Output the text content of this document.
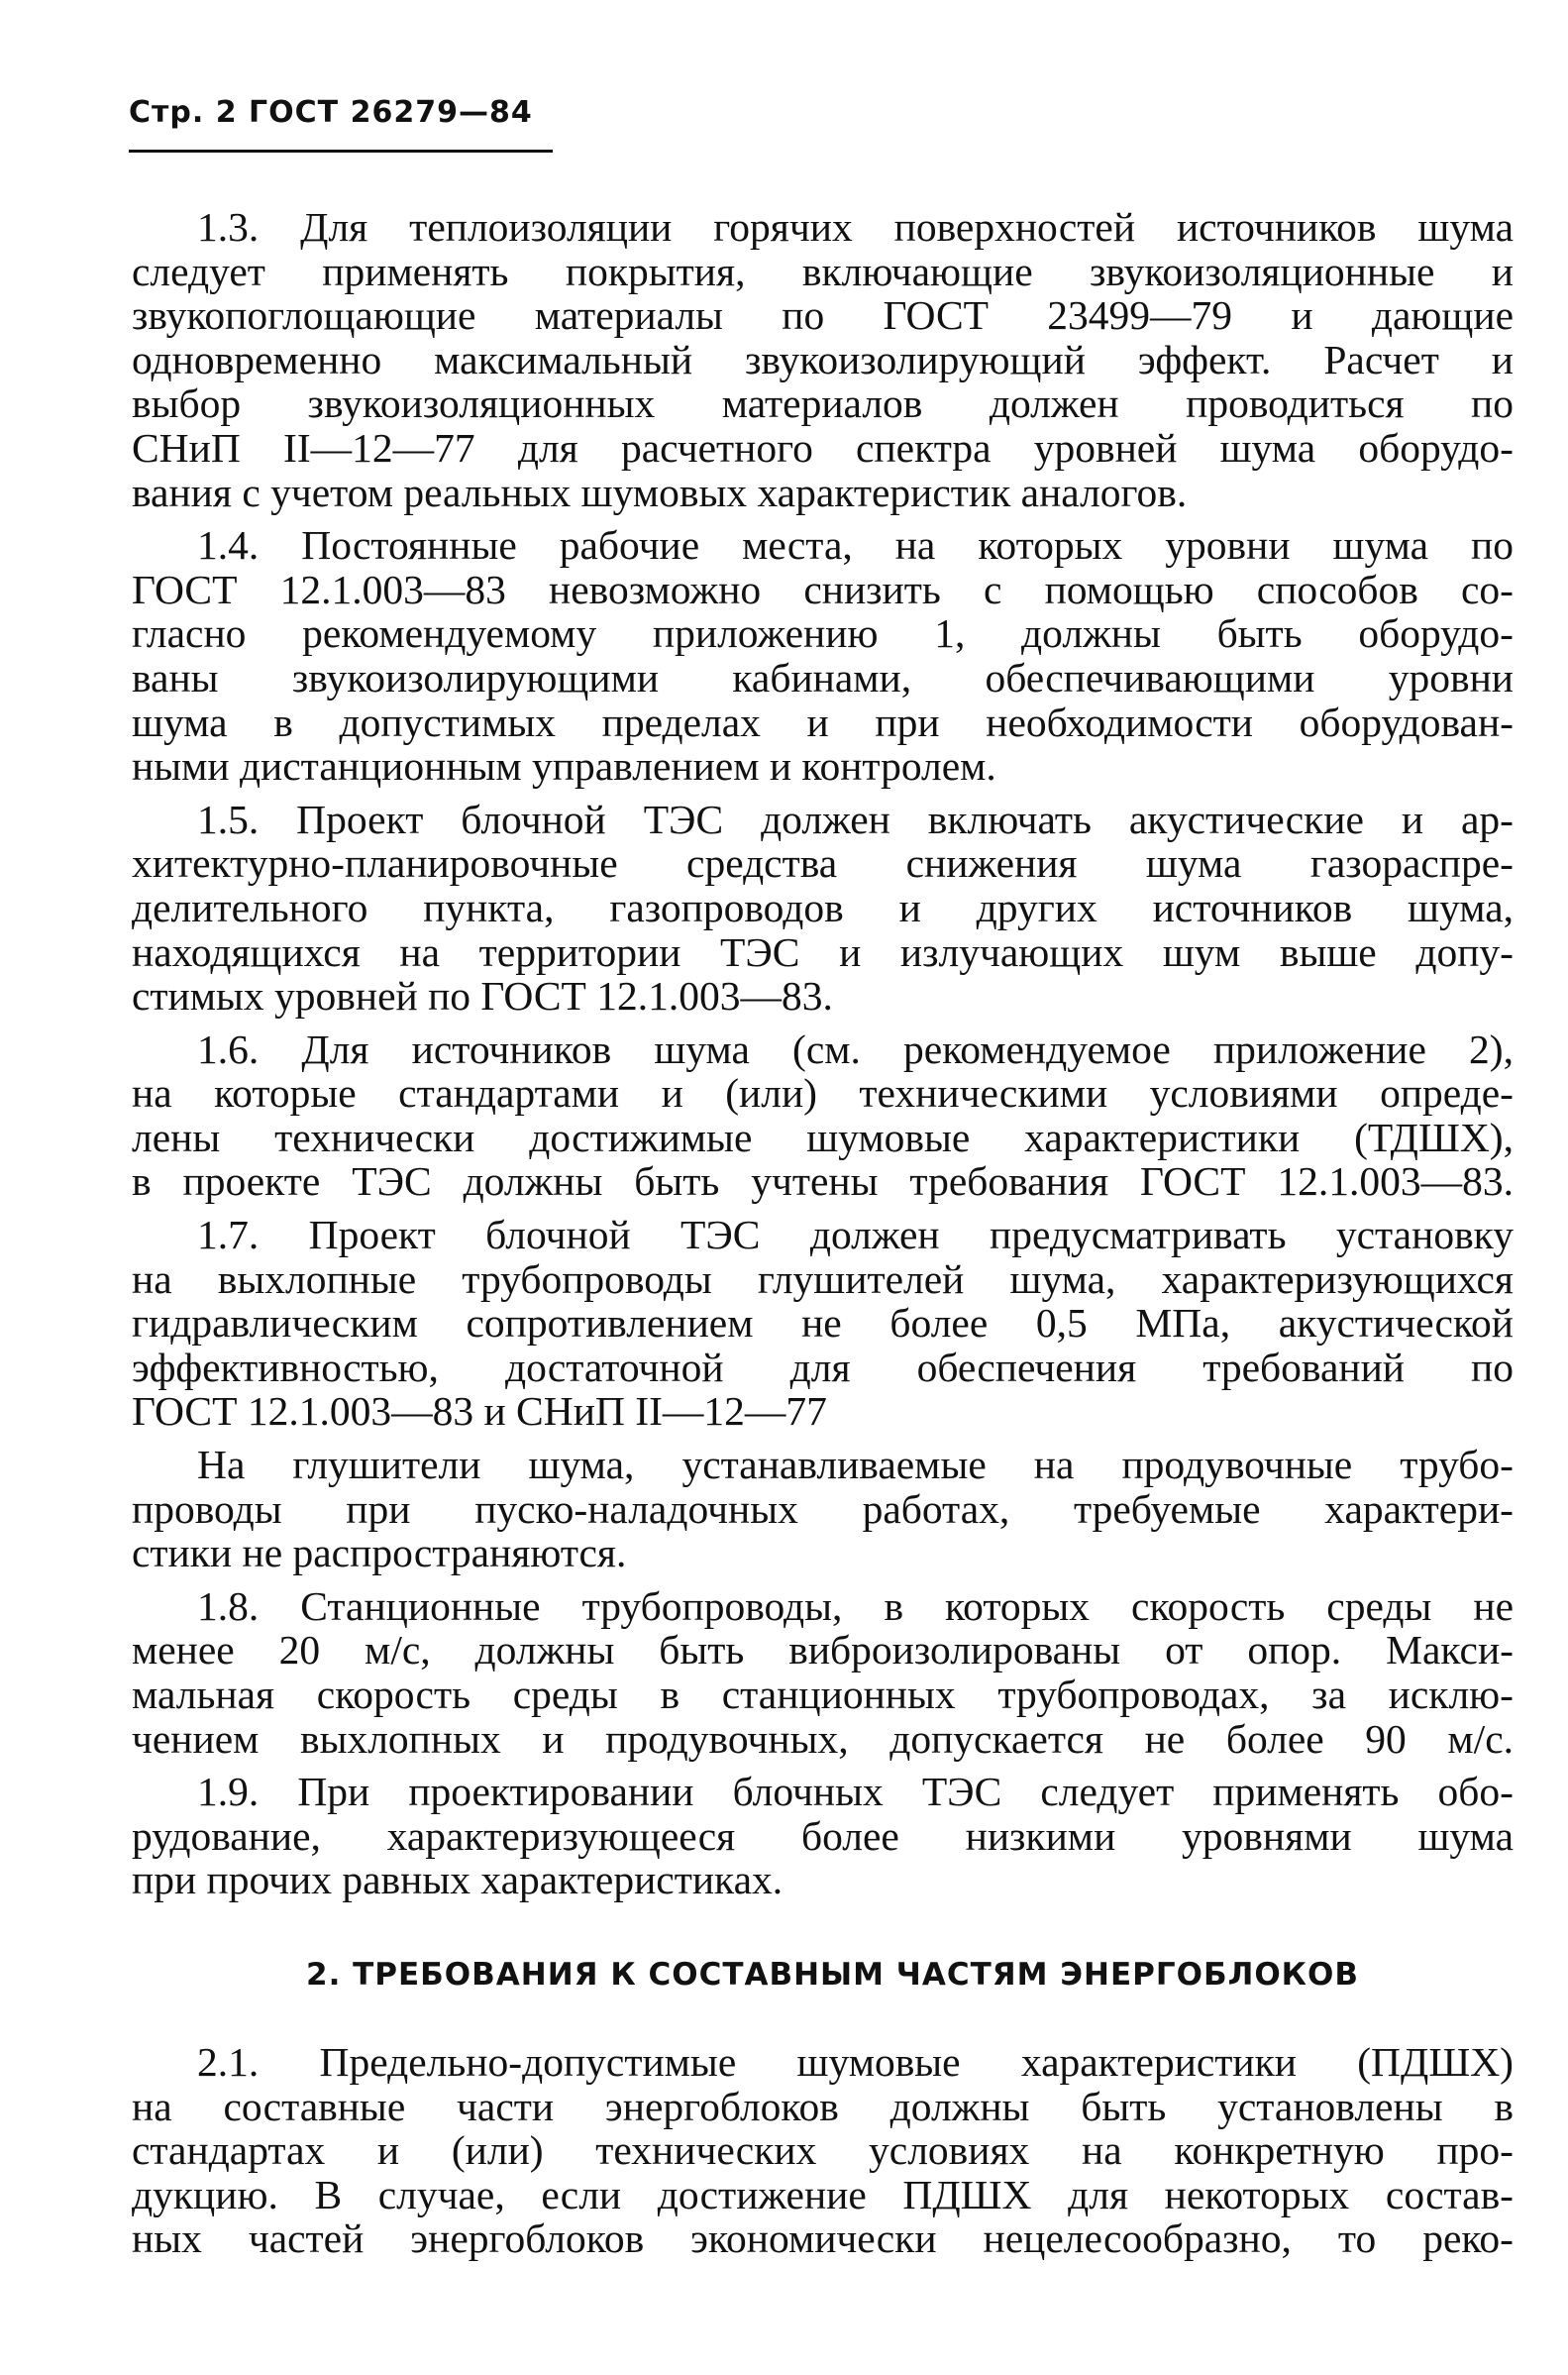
Стр. 2 ГОСТ 26279—84

1.3. Для теплоизоляции горячих поверхностей источников шума
следует применять покрытия, включающие звукоизоляционные и
звукопоглощающие материалы по ГОСТ 23499—79 и дающие
одновременно максимальный звукоизолирующий эффект. Расчет и
выбор звукоизоляционных материалов должен проводиться по
СНиП II—12—77 для расчетного спектра уровней шума оборудо-
вания с учетом реальных шумовых характеристик аналогов.

1.4. Постоянные рабочие места, на которых уровни шума по
ГОСТ 12.1.003—83 невозможно снизить с помощью способов со-
гласно рекомендуемому приложению 1, должны быть оборудо-
ваны звукоизолирующими кабинами, обеспечивающими уровни
шума в допустимых пределах и при необходимости оборудован-
ными дистанционным управлением и контролем.

1.5. Проект блочной ТЭС должен включать акустические и ар-
хитектурно-планировочные средства снижения шума газораспре-
делительного пункта, газопроводов и других источников шума,
находящихся на территории ТЭС и излучающих шум выше допу-
стимых уровней по ГОСТ 12.1.003—83.

1.6. Для источников шума (см. рекомендуемое приложение 2),
на которые стандартами и (или) техническими условиями опреде-
лены технически достижимые шумовые характеристики (ТДШХ),
в проекте ТЭС должны быть учтены требования ГОСТ 12.1.003—83.

1.7. Проект блочной ТЭС должен предусматривать установку
на выхлопные трубопроводы глушителей шума, характеризующихся
гидравлическим сопротивлением не более 0,5 МПа, акустической
эффективностью, достаточной для обеспечения требований по
ГОСТ 12.1.003—83 и СНиП II—12—77

На глушители шума, устанавливаемые на продувочные трубо-
проводы при пуско-наладочных работах, требуемые характери-
стики не распространяются.

1.8. Станционные трубопроводы, в которых скорость среды не
менее 20 м/с, должны быть виброизолированы от опор. Макси-
мальная скорость среды в станционных трубопроводах, за исклю-
чением выхлопных и продувочных, допускается не более 90 м/с.

1.9. При проектировании блочных ТЭС следует применять обо-
рудование, характеризующееся более низкими уровнями шума
при прочих равных характеристиках.

2. ТРЕБОВАНИЯ К СОСТАВНЫМ ЧАСТЯМ ЭНЕРГОБЛОКОВ

2.1. Предельно-допустимые шумовые характеристики (ПДШХ)
на составные части энергоблоков должны быть установлены в
стандартах и (или) технических условиях на конкретную про-
дукцию. В случае, если достижение ПДШХ для некоторых состав-
ных частей энергоблоков экономически нецелесообразно, то реко-
